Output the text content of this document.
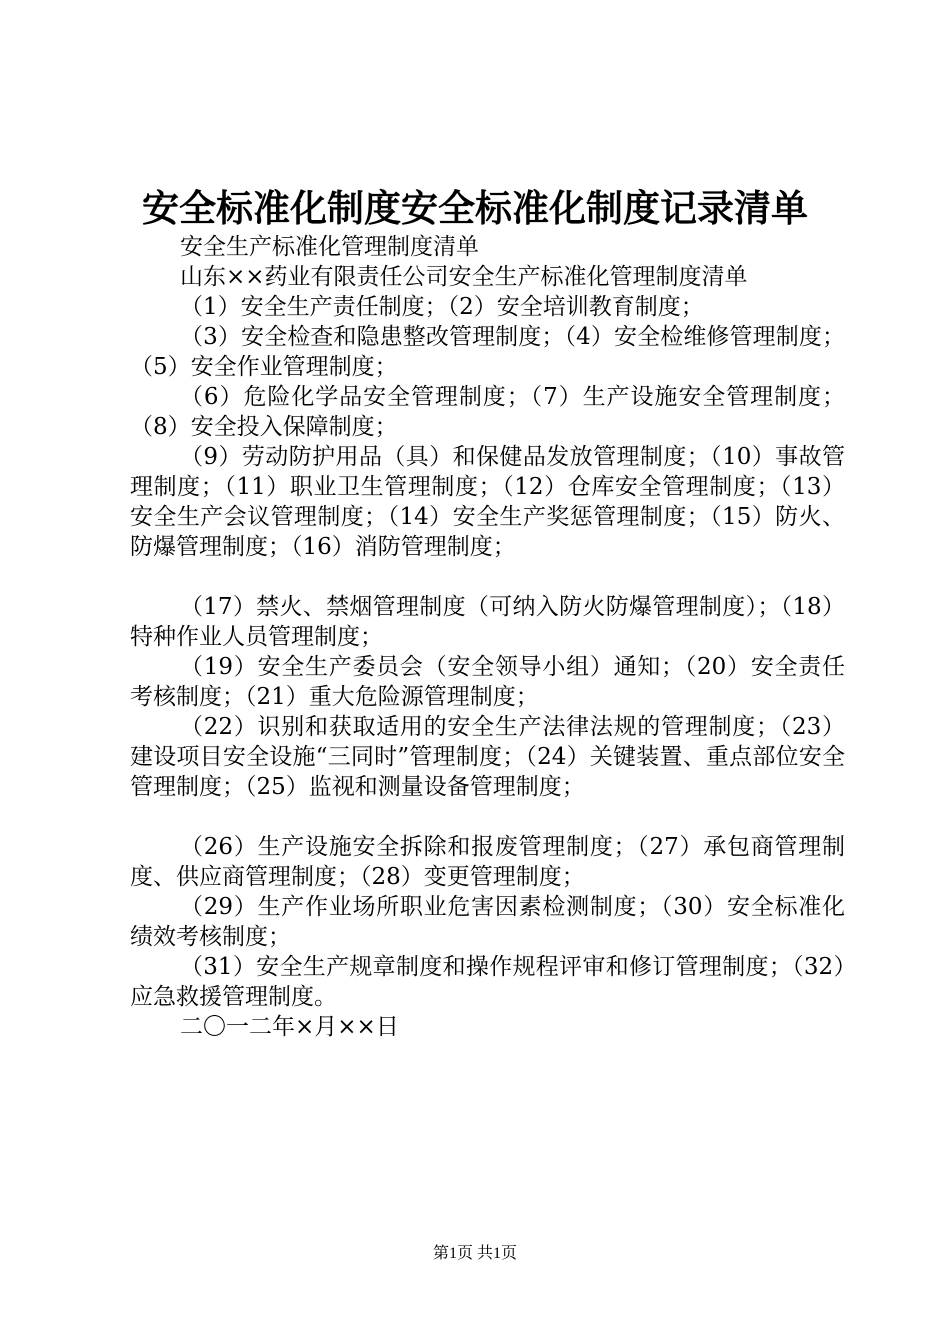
安全标准化制度安全标准化制度记录清单

安全生产标准化管理制度清单

山东××药业有限责任公司安全生产标准化管理制度清单

（1）安全生产责任制度；（2）安全培训教育制度；

（3）安全检查和隐患整改管理制度；（4）安全检维修管理制度；（5）安全作业管理制度；

（6）危险化学品安全管理制度；（7）生产设施安全管理制度；（8）安全投入保障制度；

（9）劳动防护用品（具）和保健品发放管理制度；（10）事故管理制度；（11）职业卫生管理制度；（12）仓库安全管理制度；（13）安全生产会议管理制度；（14）安全生产奖惩管理制度；（15）防火、防爆管理制度；（16）消防管理制度；

（17）禁火、禁烟管理制度（可纳入防火防爆管理制度）；（18）特种作业人员管理制度；

（19）安全生产委员会（安全领导小组）通知；（20）安全责任考核制度；（21）重大危险源管理制度；

（22）识别和获取适用的安全生产法律法规的管理制度；（23）建设项目安全设施“三同时”管理制度；（24）关键装置、重点部位安全管理制度；（25）监视和测量设备管理制度；

（26）生产设施安全拆除和报废管理制度；（27）承包商管理制度、供应商管理制度；（28）变更管理制度；

（29）生产作业场所职业危害因素检测制度；（30）安全标准化绩效考核制度；

（31）安全生产规章制度和操作规程评审和修订管理制度；（32）应急救援管理制度。

二〇一二年×月××日

第1页 共1页
